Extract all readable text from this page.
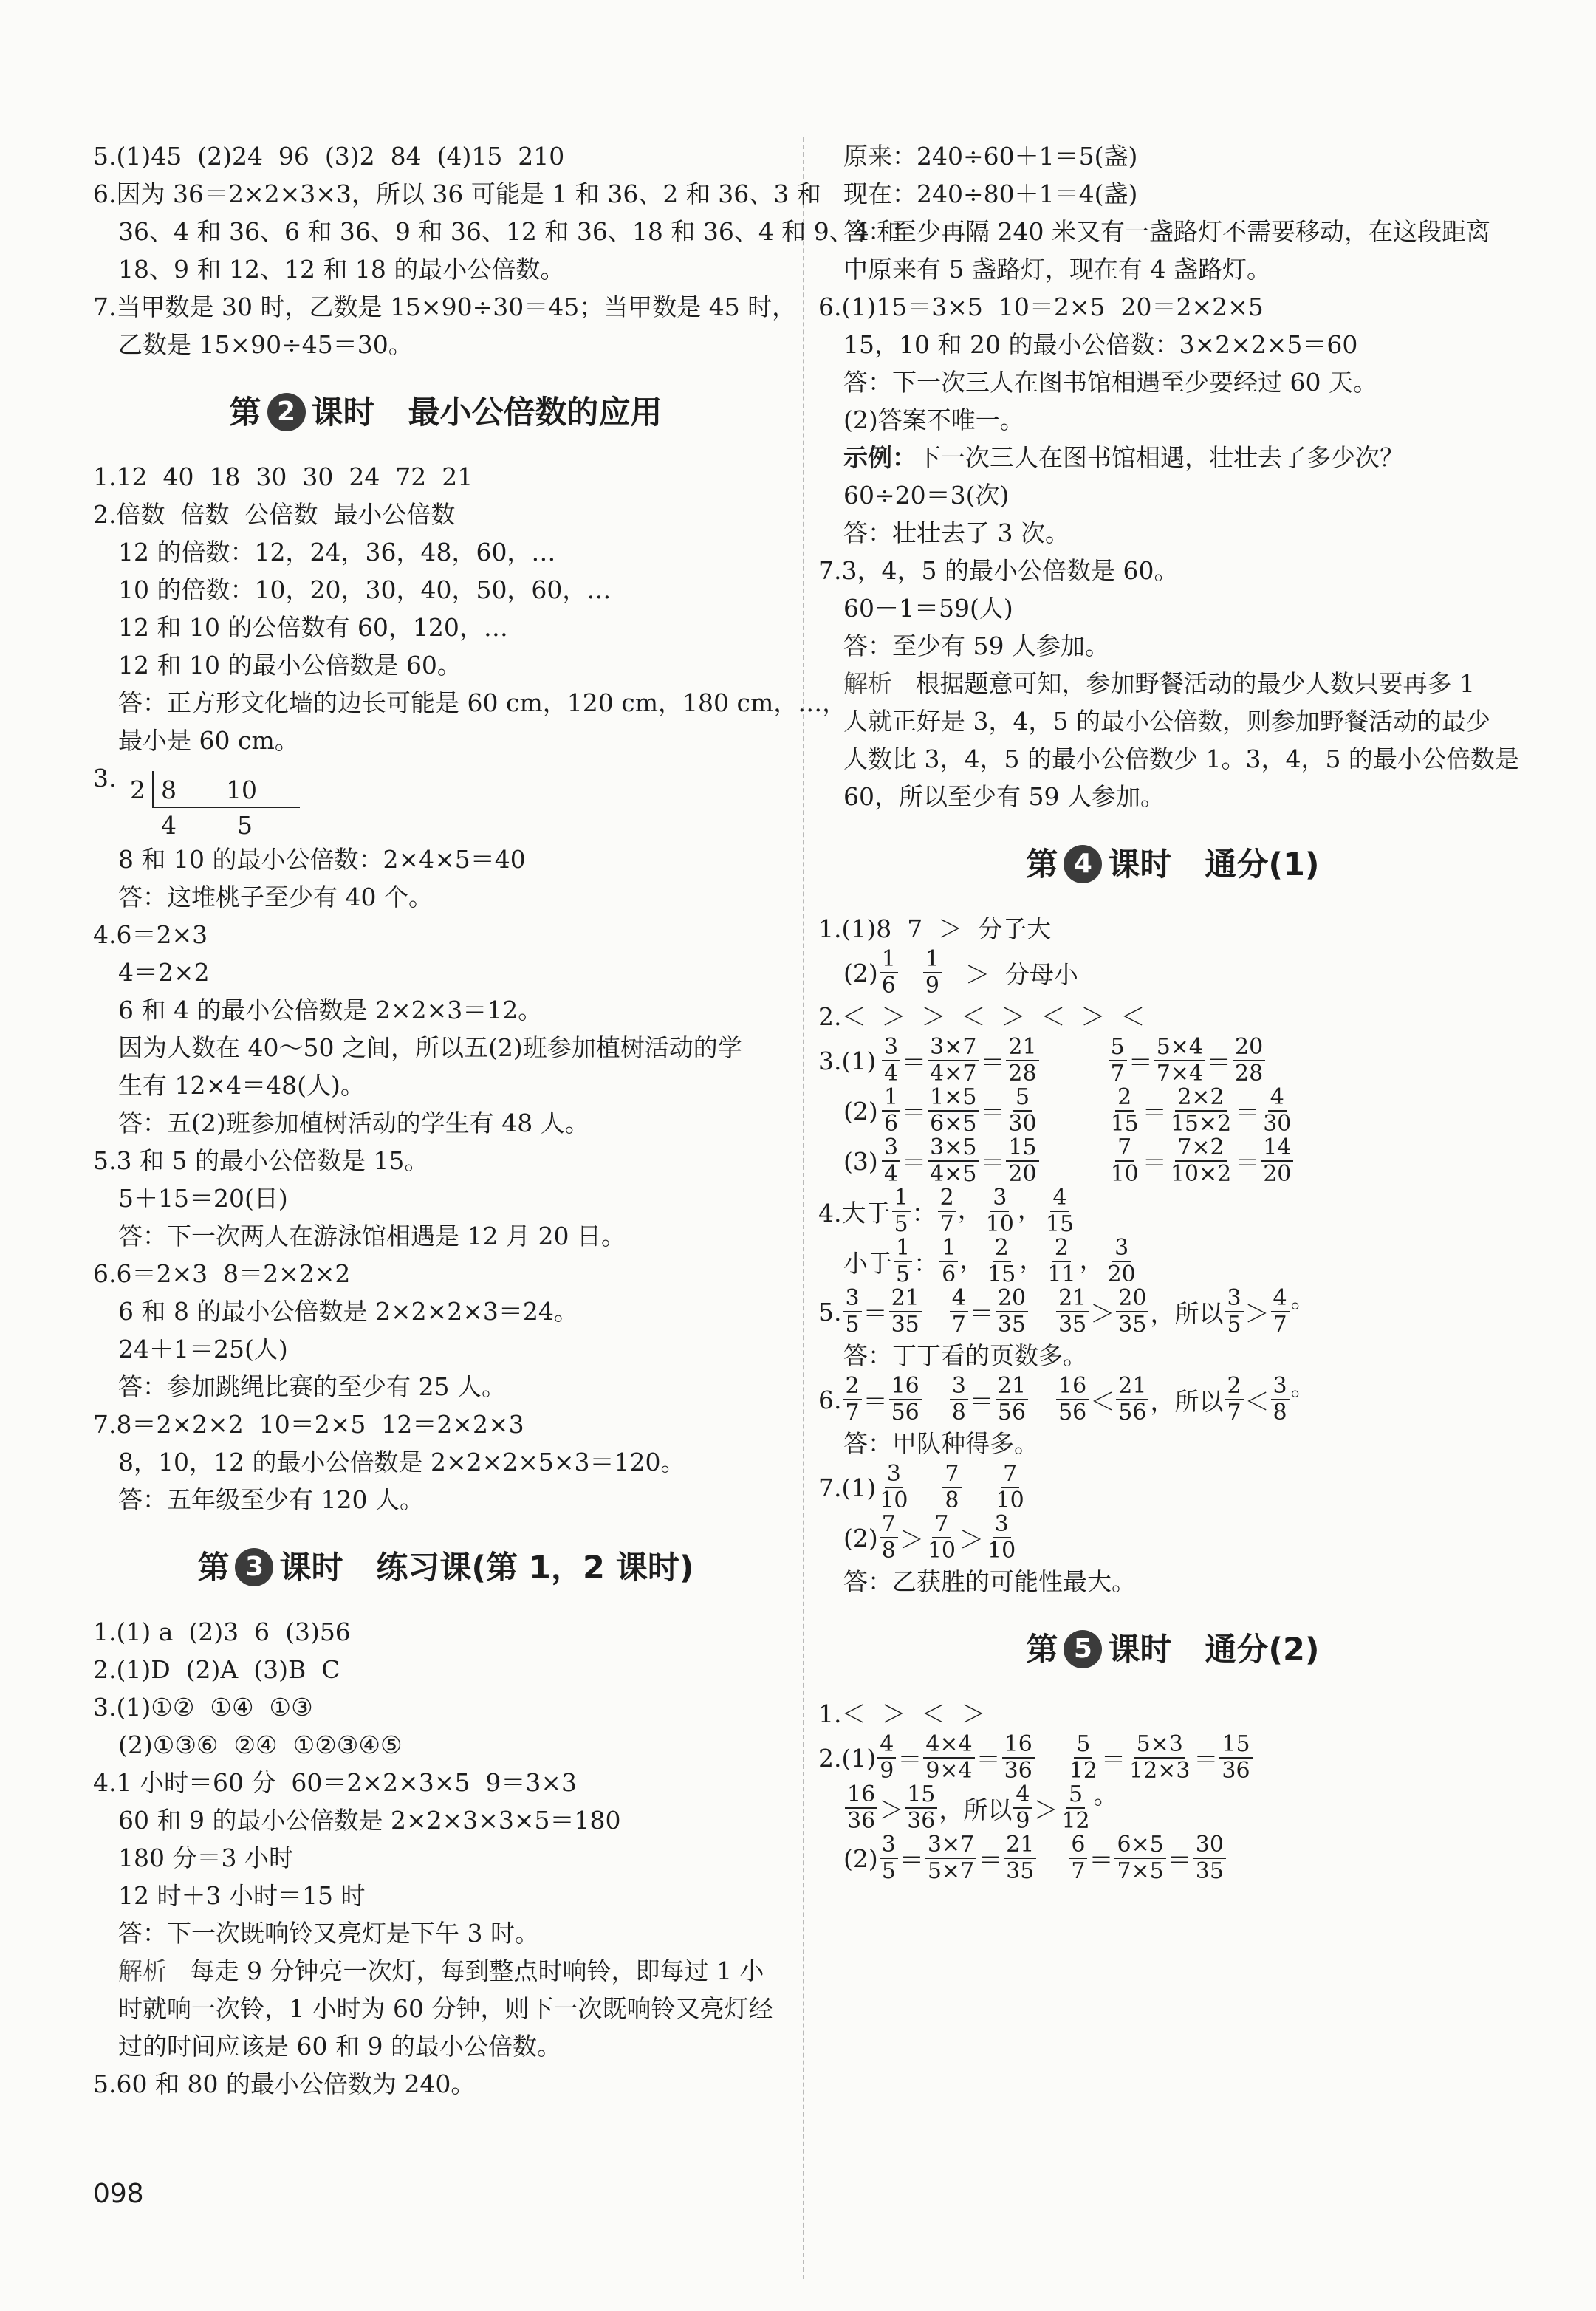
5.(1)45  (2)24  96  (3)2  84  (4)15  210
6.因为 36＝2×2×3×3，所以 36 可能是 1 和 36、2 和 36、3 和
36、4 和 36、6 和 36、9 和 36、12 和 36、18 和 36、4 和 9、4 和
18、9 和 12、12 和 18 的最小公倍数。
7.当甲数是 30 时，乙数是 15×90÷30＝45；当甲数是 45 时，
乙数是 15×90÷45＝30。
第 2 课时 最小公倍数的应用
1.12  40  18  30  30  24  72  21
2.倍数  倍数  公倍数  最小公倍数
12 的倍数：12，24，36，48，60，…
10 的倍数：10，20，30，40，50，60，…
12 和 10 的公倍数有 60，120，…
12 和 10 的最小公倍数是 60。
答：正方形文化墙的边长可能是 60 cm，120 cm，180 cm，…，
最小是 60 cm。
3. 2 8 10
4 5
8 和 10 的最小公倍数：2×4×5＝40
答：这堆桃子至少有 40 个。
4.6＝2×3
4＝2×2
6 和 4 的最小公倍数是 2×2×3＝12。
因为人数在 40～50 之间，所以五(2)班参加植树活动的学
生有 12×4＝48(人)。
答：五(2)班参加植树活动的学生有 48 人。
5.3 和 5 的最小公倍数是 15。
5＋15＝20(日)
答：下一次两人在游泳馆相遇是 12 月 20 日。
6.6＝2×3  8＝2×2×2
6 和 8 的最小公倍数是 2×2×2×3＝24。
24＋1＝25(人)
答：参加跳绳比赛的至少有 25 人。
7.8＝2×2×2  10＝2×5  12＝2×2×3
8，10，12 的最小公倍数是 2×2×2×5×3＝120。
答：五年级至少有 120 人。
第 3 课时 练习课(第 1，2 课时)
1.(1) a  (2)3  6  (3)56
2.(1)D  (2)A  (3)B  C
3.(1)①②  ①④  ①③
(2)①③⑥  ②④  ①②③④⑤
4.1 小时＝60 分  60＝2×2×3×5  9＝3×3
60 和 9 的最小公倍数是 2×2×3×3×5＝180
180 分＝3 小时
12 时＋3 小时＝15 时
答：下一次既响铃又亮灯是下午 3 时。
解析 每走 9 分钟亮一次灯，每到整点时响铃，即每过 1 小
时就响一次铃，1 小时为 60 分钟，则下一次既响铃又亮灯经
过的时间应该是 60 和 9 的最小公倍数。
5.60 和 80 的最小公倍数为 240。
原来：240÷60＋1＝5(盏)
现在：240÷80＋1＝4(盏)
答：至少再隔 240 米又有一盏路灯不需要移动，在这段距离
中原来有 5 盏路灯，现在有 4 盏路灯。
6.(1)15＝3×5  10＝2×5  20＝2×2×5
15，10 和 20 的最小公倍数：3×2×2×5＝60
答：下一次三人在图书馆相遇至少要经过 60 天。
(2)答案不唯一。
示例：下一次三人在图书馆相遇，壮壮去了多少次？
60÷20＝3(次)
答：壮壮去了 3 次。
7.3，4，5 的最小公倍数是 60。
60－1＝59(人)
答：至少有 59 人参加。
解析 根据题意可知，参加野餐活动的最少人数只要再多 1
人就正好是 3，4，5 的最小公倍数，则参加野餐活动的最少
人数比 3，4，5 的最小公倍数少 1。3，4，5 的最小公倍数是
60，所以至少有 59 人参加。
第 4 课时 通分(1)
1.(1)8  7  ＞  分子大
$(2) \frac{1}{6} \frac{1}{9}$ ＞  分母小
2.＜  ＞  ＞  ＜  ＞  ＜  ＞  ＜
$3.(1) \frac{3}{4} = \frac{3\times 7}{4\times 7} = \frac{21}{28}$	$\frac{5}{7} = \frac{5\times 4}{7\times 4} = \frac{20}{28}$
$(2) \frac{1}{6} = \frac{1\times 5}{6\times 5} = \frac{5}{30}$	$\frac{2}{15} = \frac{2\times 2}{15\times 2} = \frac{4}{30}$
$(3) \frac{3}{4} = \frac{3\times 5}{4\times 5} = \frac{15}{20}$	$\frac{7}{10} = \frac{7\times 2}{10\times 2} = \frac{14}{20}$
4.大于 $\frac{1}{5}$ ： $\frac{2}{7}$ ， $\frac{3}{10}$ ， $\frac{4}{15}$
小于 $\frac{1}{5}$ ： $\frac{1}{6}$ ， $\frac{2}{15}$ ， $\frac{2}{11}$ ， $\frac{3}{20}$
5. $\frac{3}{5} = \frac{21}{35} \frac{4}{7} = \frac{20}{35} \frac{21}{35} > \frac{20}{35}$ ， 所以 $\frac{3}{5} > \frac{4}{7}$ 。

答：丁丁看的页数多。
6. $\frac{2}{7} = \frac{16}{56} \frac{3}{8} = \frac{21}{56} \frac{16}{56} < \frac{21}{56}$ ， 所以 $\frac{2}{7} < \frac{3}{8}$ 。

答：甲队种得多。
$7.(1) \frac{3}{10} \frac{7}{8} \frac{7}{10}$
$(2) \frac{7}{8} > \frac{7}{10} > \frac{3}{10}$
答：乙获胜的可能性最大。
第 5 课时 通分(2)
1.＜  ＞  ＜  ＞
$2.(1) \frac{4}{9} = \frac{4\times 4}{9\times 4} = \frac{16}{36} \frac{5}{12} = \frac{5\times 3}{12\times 3} = \frac{15}{36}$
$\frac{16}{36} > \frac{15}{36}$ ， 所以 $\frac{4}{9} > \frac{5}{12}$ 。

$(2) \frac{3}{5} = \frac{3\times 7}{5\times 7} = \frac{21}{35} \frac{6}{7} = \frac{6\times 5}{7\times 5} = \frac{30}{35}$
098
